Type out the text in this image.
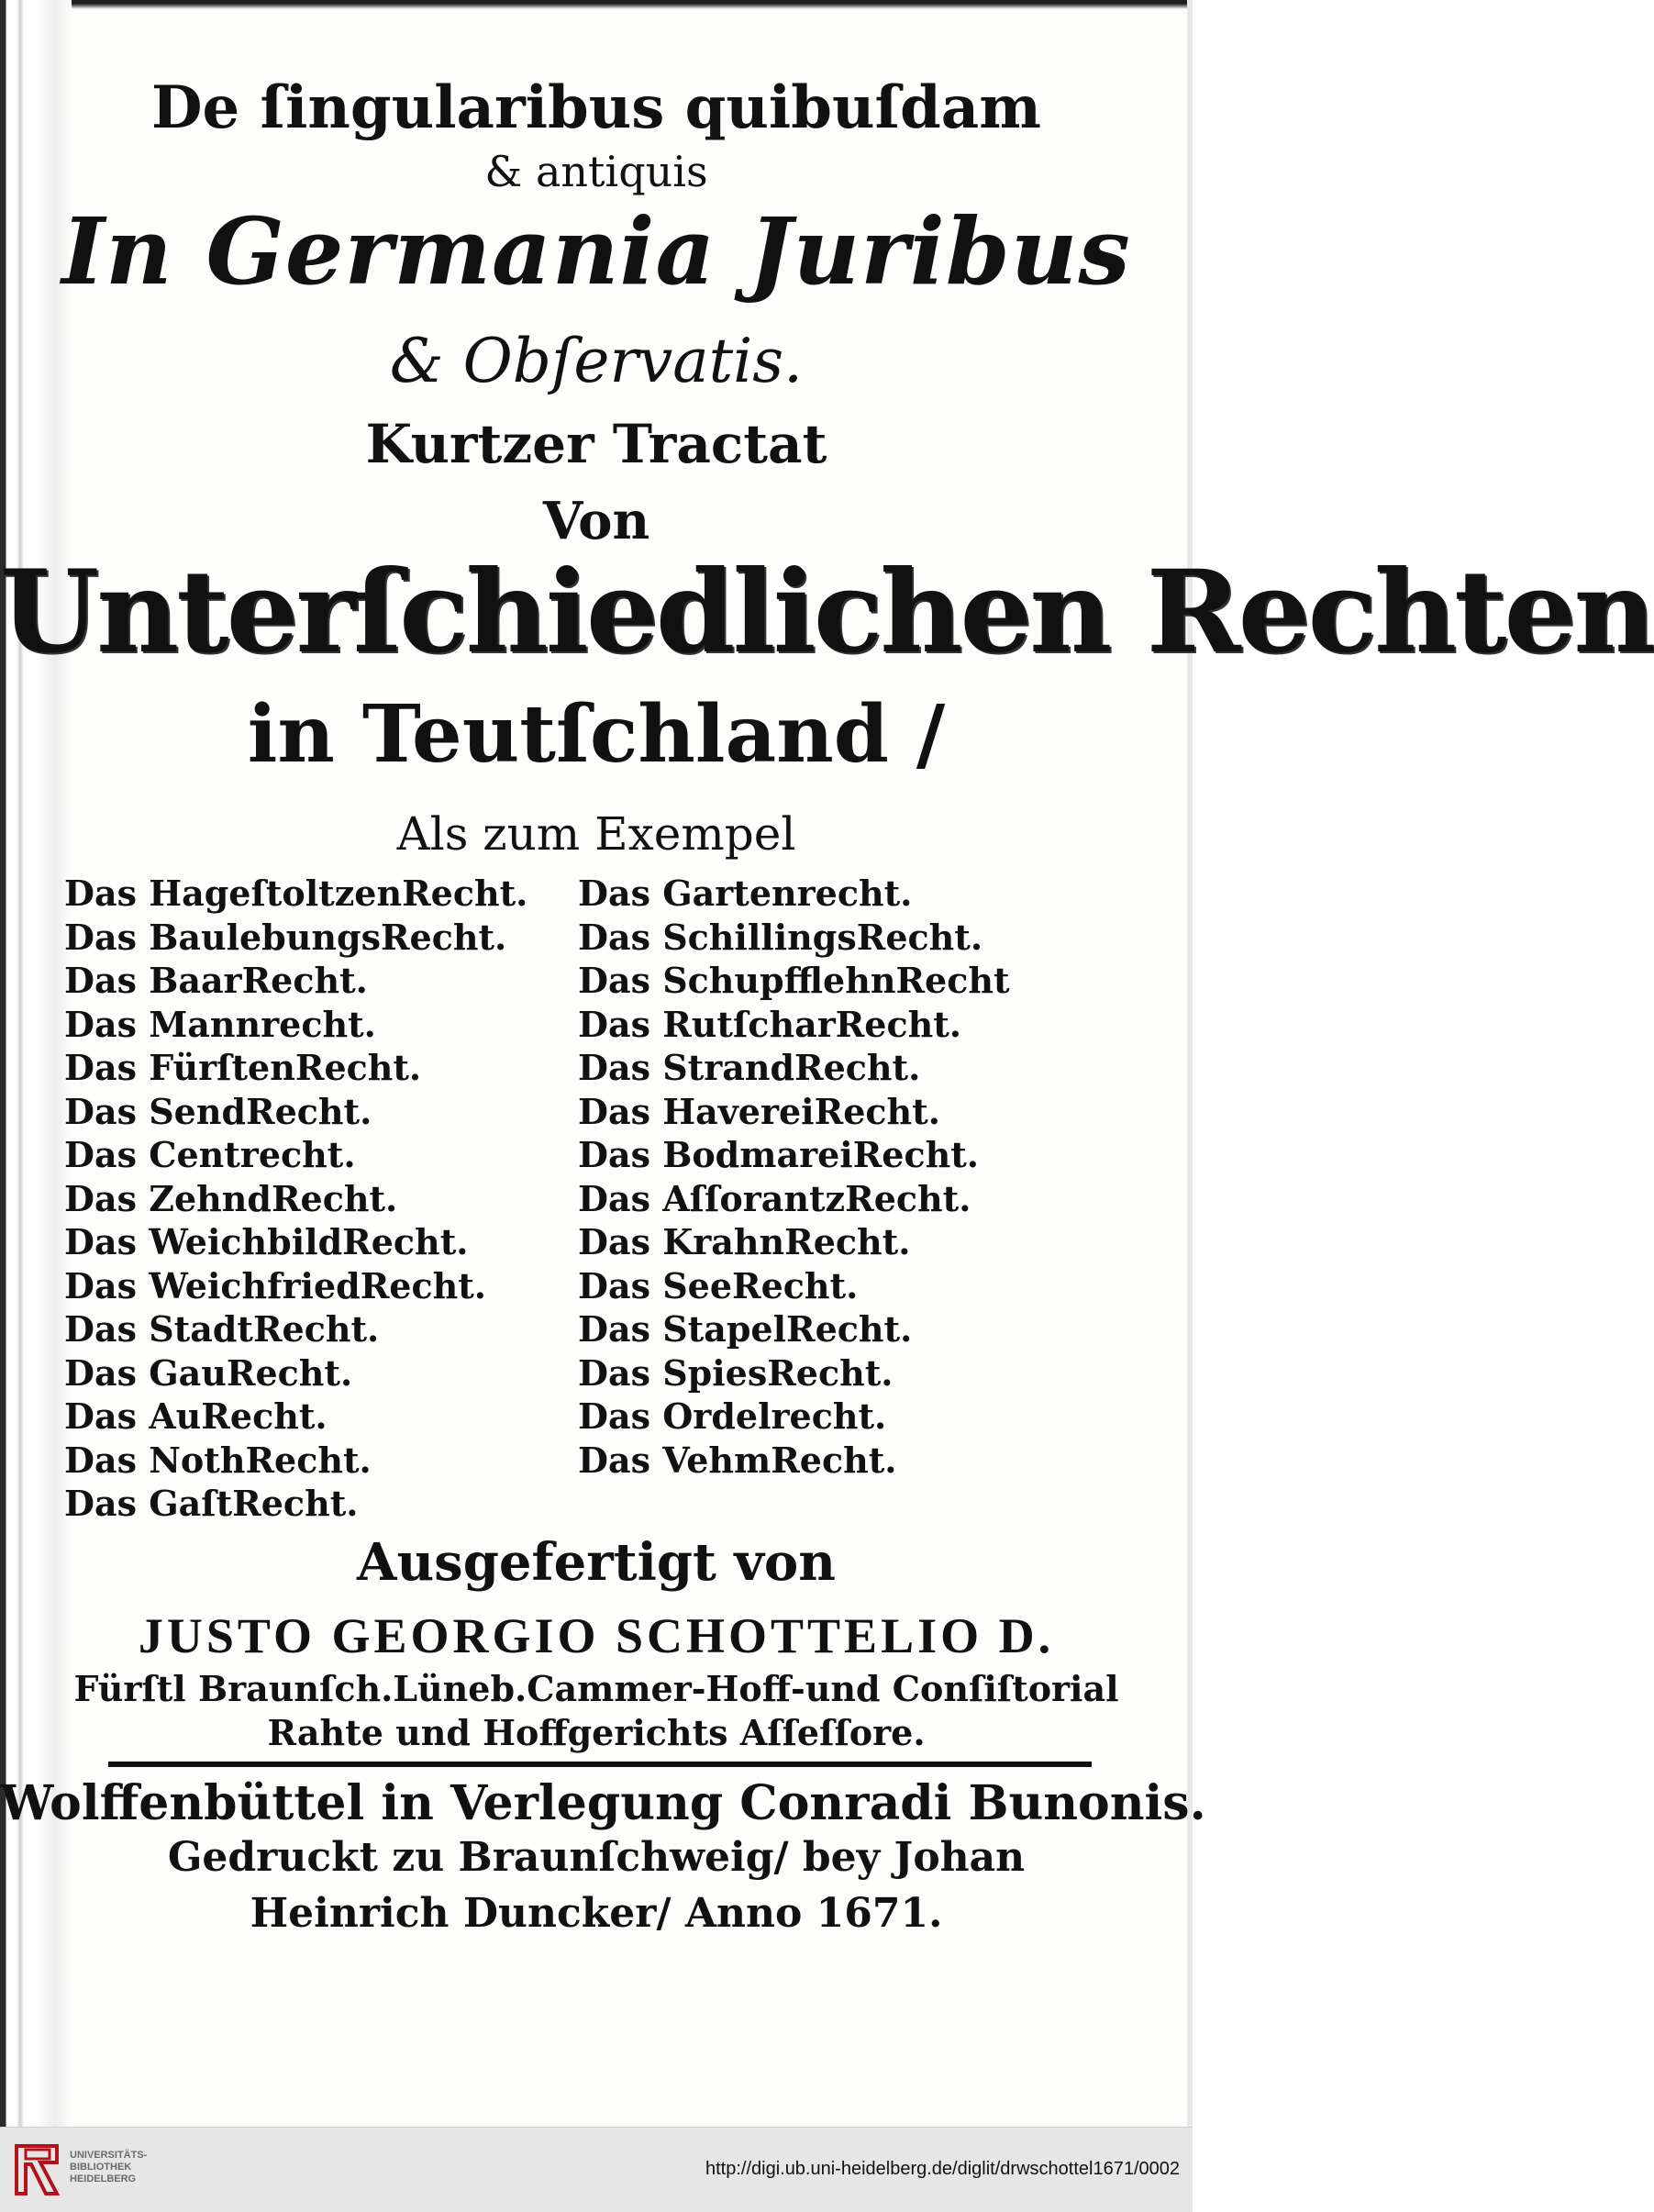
De ſingularibus quibuſdam
& antiquis
In Germania Juribus
& Obſervatis.
Kurtzer Tractat
Von
Unterſchiedlichen Rechten
in Teutſchland /
Als zum Exempel
Das HageſtoltzenRecht.
Das BaulebungsRecht.
Das BaarRecht.
Das Mannrecht.
Das FürſtenRecht.
Das SendRecht.
Das Centrecht.
Das ZehndRecht.
Das WeichbildRecht.
Das WeichfriedRecht.
Das StadtRecht.
Das GauRecht.
Das AuRecht.
Das NothRecht.
Das GaſtRecht.
Das Gartenrecht.
Das SchillingsRecht.
Das SchupfflehnRecht
Das RutſcharRecht.
Das StrandRecht.
Das HavereiRecht.
Das BodmareiRecht.
Das AſſorantzRecht.
Das KrahnRecht.
Das SeeRecht.
Das StapelRecht.
Das SpiesRecht.
Das Ordelrecht.
Das VehmRecht.
Ausgefertigt von
JUSTO GEORGIO SCHOTTELIO D.
Fürſtl Braunſch.Lüneb.Cammer-Hoff-und Conſiſtorial
Rahte und Hoffgerichts Aſſeſſore.
Wolffenbüttel in Verlegung Conradi Bunonis.
Gedruckt zu Braunſchweig/ bey Johan
Heinrich Duncker/ Anno 1671.
UNIVERSITÄTS-
BIBLIOTHEK
HEIDELBERG	http://digi.ub.uni-heidelberg.de/diglit/drwschottel1671/0002
